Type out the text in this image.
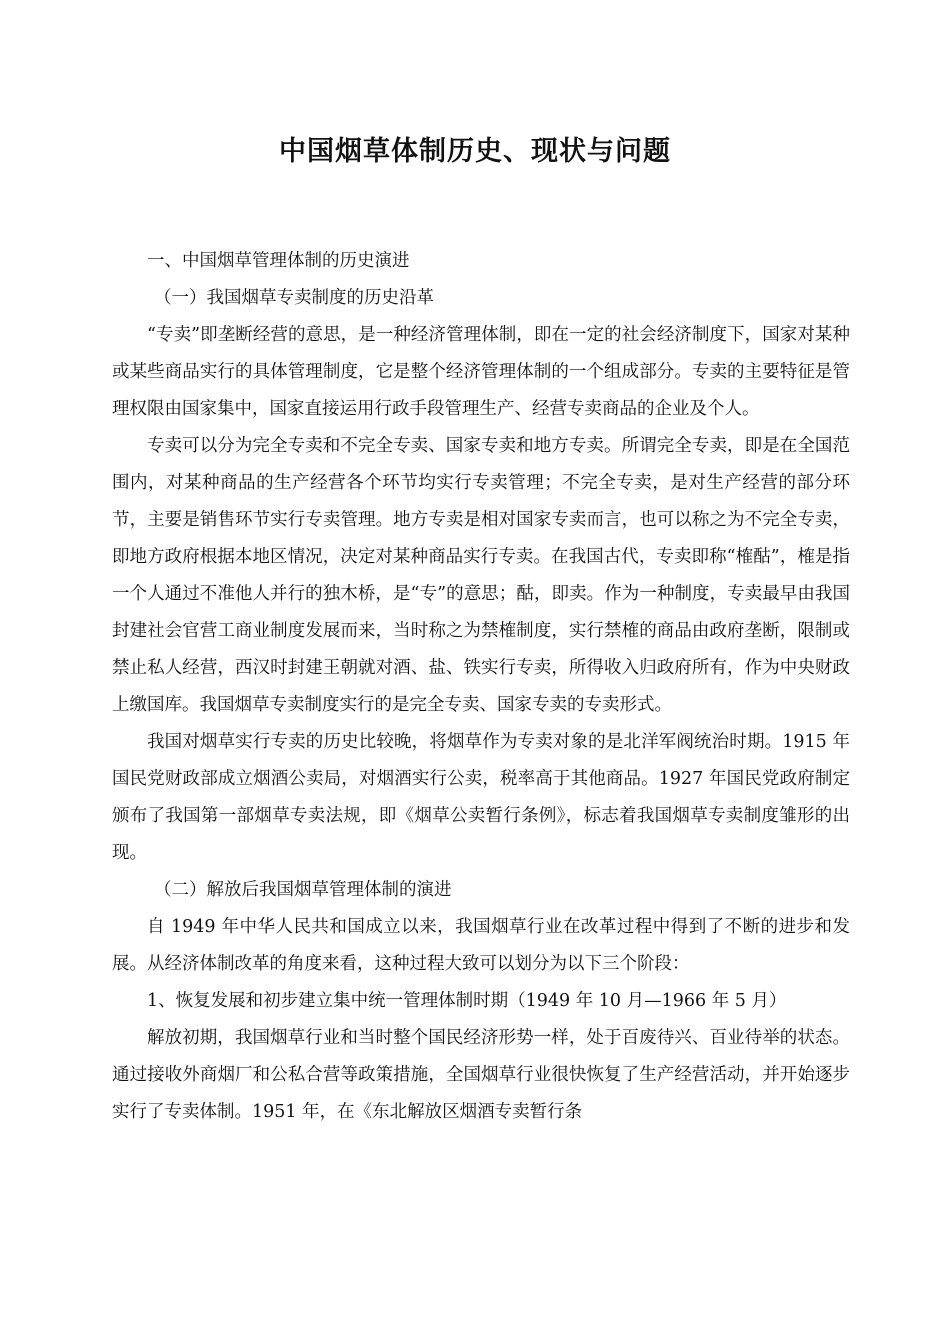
中国烟草体制历史、现状与问题

一、中国烟草管理体制的历史演进

（一）我国烟草专卖制度的历史沿革

“专卖”即垄断经营的意思，是一种经济管理体制，即在一定的社会经济制度下，国家对某种或某些商品实行的具体管理制度，它是整个经济管理体制的一个组成部分。专卖的主要特征是管理权限由国家集中，国家直接运用行政手段管理生产、经营专卖商品的企业及个人。

专卖可以分为完全专卖和不完全专卖、国家专卖和地方专卖。所谓完全专卖，即是在全国范围内，对某种商品的生产经营各个环节均实行专卖管理；不完全专卖，是对生产经营的部分环节，主要是销售环节实行专卖管理。地方专卖是相对国家专卖而言，也可以称之为不完全专卖，即地方政府根据本地区情况，决定对某种商品实行专卖。在我国古代，专卖即称“榷酤”，榷是指一个人通过不准他人并行的独木桥，是“专”的意思；酤，即卖。作为一种制度，专卖最早由我国封建社会官营工商业制度发展而来，当时称之为禁榷制度，实行禁榷的商品由政府垄断，限制或禁止私人经营，西汉时封建王朝就对酒、盐、铁实行专卖，所得收入归政府所有，作为中央财政上缴国库。我国烟草专卖制度实行的是完全专卖、国家专卖的专卖形式。

我国对烟草实行专卖的历史比较晚，将烟草作为专卖对象的是北洋军阀统治时期。1915 年国民党财政部成立烟酒公卖局，对烟酒实行公卖，税率高于其他商品。1927 年国民党政府制定颁布了我国第一部烟草专卖法规，即《烟草公卖暂行条例》，标志着我国烟草专卖制度雏形的出现。

（二）解放后我国烟草管理体制的演进

自 1949 年中华人民共和国成立以来，我国烟草行业在改革过程中得到了不断的进步和发展。从经济体制改革的角度来看，这种过程大致可以划分为以下三个阶段：

1、恢复发展和初步建立集中统一管理体制时期（1949 年 10 月—1966 年 5 月）

解放初期，我国烟草行业和当时整个国民经济形势一样，处于百废待兴、百业待举的状态。通过接收外商烟厂和公私合营等政策措施，全国烟草行业很快恢复了生产经营活动，并开始逐步实行了专卖体制。1951 年，在《东北解放区烟酒专卖暂行条
